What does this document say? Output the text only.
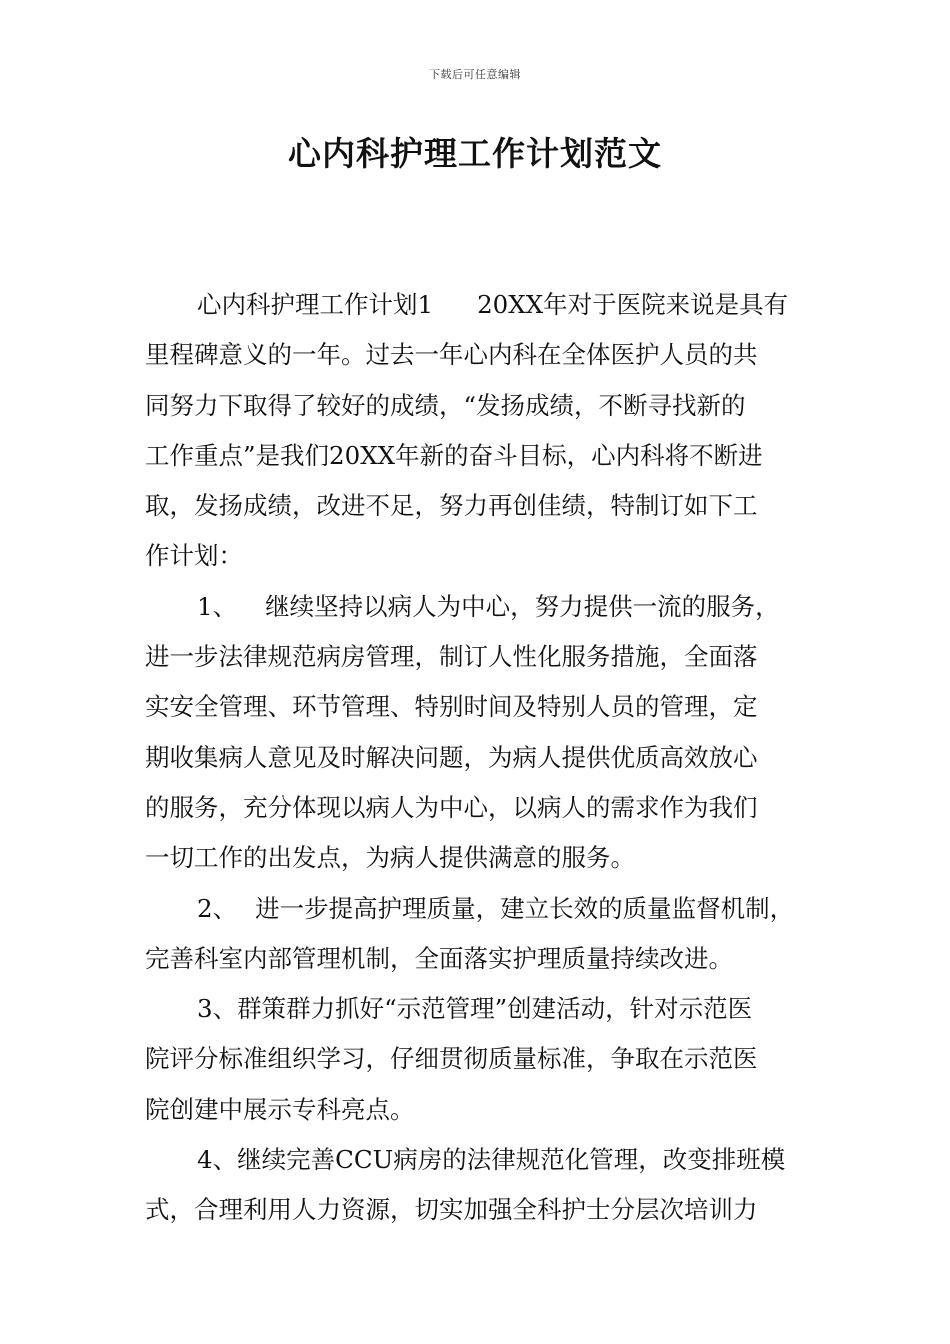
下载后可任意编辑
心内科护理工作计划范文
心内科护理工作计划1 20XX年对于医院来说是具有
里程碑意义的一年。过去一年心内科在全体医护人员的共
同努力下取得了较好的成绩，“发扬成绩，不断寻找新的
工作重点”是我们20XX年新的奋斗目标，心内科将不断进
取，发扬成绩，改进不足，努力再创佳绩，特制订如下工
作计划：
1、 继续坚持以病人为中心，努力提供一流的服务，
进一步法律规范病房管理，制订人性化服务措施，全面落
实安全管理、环节管理、特别时间及特别人员的管理，定
期收集病人意见及时解决问题，为病人提供优质高效放心
的服务，充分体现以病人为中心，以病人的需求作为我们
一切工作的出发点，为病人提供满意的服务。
2、 进一步提高护理质量，建立长效的质量监督机制，
完善科室内部管理机制，全面落实护理质量持续改进。
3、群策群力抓好“示范管理”创建活动，针对示范医
院评分标准组织学习，仔细贯彻质量标准，争取在示范医
院创建中展示专科亮点。
4、继续完善CCU病房的法律规范化管理，改变排班模
式，合理利用人力资源，切实加强全科护士分层次培训力
